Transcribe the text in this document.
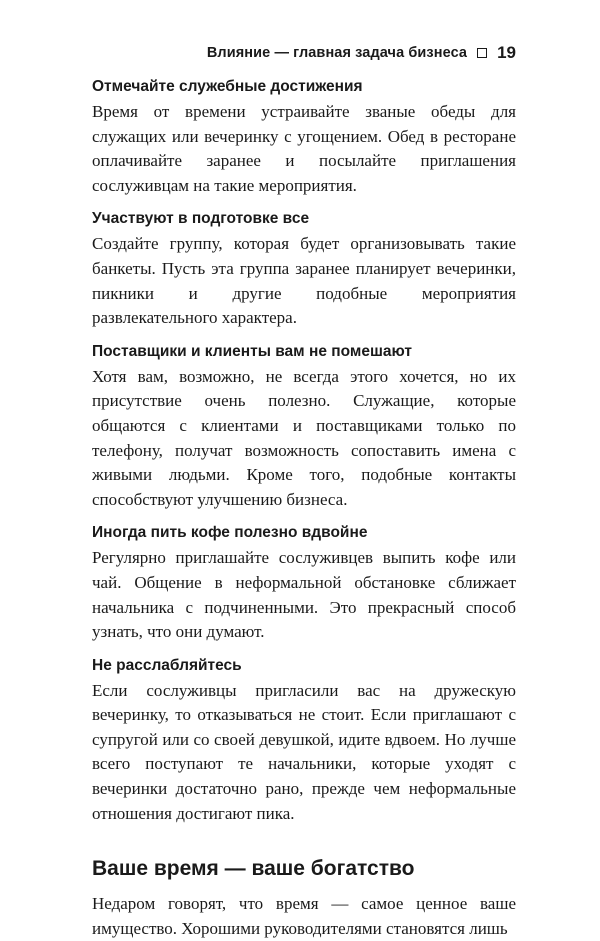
Влияние — главная задача бизнеса 19
Отмечайте служебные достижения

Время от времени устраивайте званые обеды для служащих или вечеринку с угощением. Обед в ресторане оплачивайте заранее и посылайте приглашения сослуживцам на такие мероприятия.

Участвуют в подготовке все

Создайте группу, которая будет организовывать такие банкеты. Пусть эта группа заранее планирует вечеринки, пикники и другие подобные мероприятия развлекательного характера.

Поставщики и клиенты вам не помешают

Хотя вам, возможно, не всегда этого хочется, но их присутствие очень полезно. Служащие, которые общаются с клиентами и поставщиками только по телефону, получат возможность сопоставить имена с живыми людьми. Кроме того, подобные контакты способствуют улучшению бизнеса.

Иногда пить кофе полезно вдвойне

Регулярно приглашайте сослуживцев выпить кофе или чай. Общение в неформальной обстановке сближает начальника с подчиненными. Это прекрасный способ узнать, что они думают.

Не расслабляйтесь

Если сослуживцы пригласили вас на дружескую вечеринку, то отказываться не стоит. Если приглашают с супругой или со своей девушкой, идите вдвоем. Но лучше всего поступают те начальники, которые уходят с вечеринки достаточно рано, прежде чем неформальные отношения достигают пика.

Ваше время — ваше богатство

Недаром говорят, что время — самое ценное ваше имущество. Хорошими руководителями становятся лишь
